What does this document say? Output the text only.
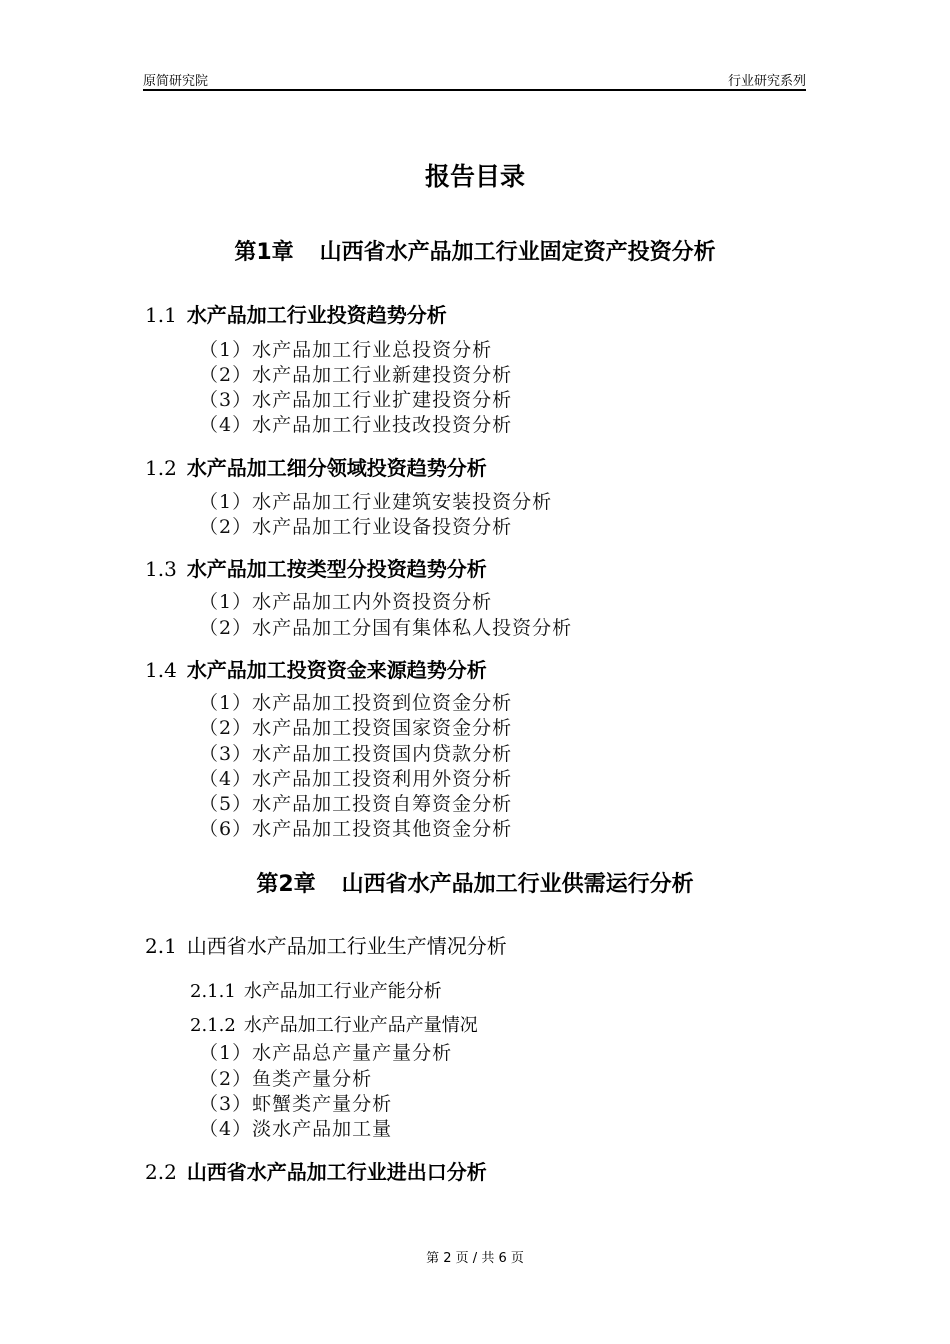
原简研究院	行业研究系列
报告目录
第1章 山西省水产品加工行业固定资产投资分析
1.1 水产品加工行业投资趋势分析
（1）水产品加工行业总投资分析
（2）水产品加工行业新建投资分析
（3）水产品加工行业扩建投资分析
（4）水产品加工行业技改投资分析
1.2 水产品加工细分领域投资趋势分析
（1）水产品加工行业建筑安装投资分析
（2）水产品加工行业设备投资分析
1.3 水产品加工按类型分投资趋势分析
（1）水产品加工内外资投资分析
（2）水产品加工分国有集体私人投资分析
1.4 水产品加工投资资金来源趋势分析
（1）水产品加工投资到位资金分析
（2）水产品加工投资国家资金分析
（3）水产品加工投资国内贷款分析
（4）水产品加工投资利用外资分析
（5）水产品加工投资自筹资金分析
（6）水产品加工投资其他资金分析
第2章 山西省水产品加工行业供需运行分析
2.1 山西省水产品加工行业生产情况分析
2.1.1 水产品加工行业产能分析
2.1.2 水产品加工行业产品产量情况
（1）水产品总产量产量分析
（2）鱼类产量分析
（3）虾蟹类产量分析
（4）淡水产品加工量
2.2 山西省水产品加工行业进出口分析
第 2 页 / 共 6 页
